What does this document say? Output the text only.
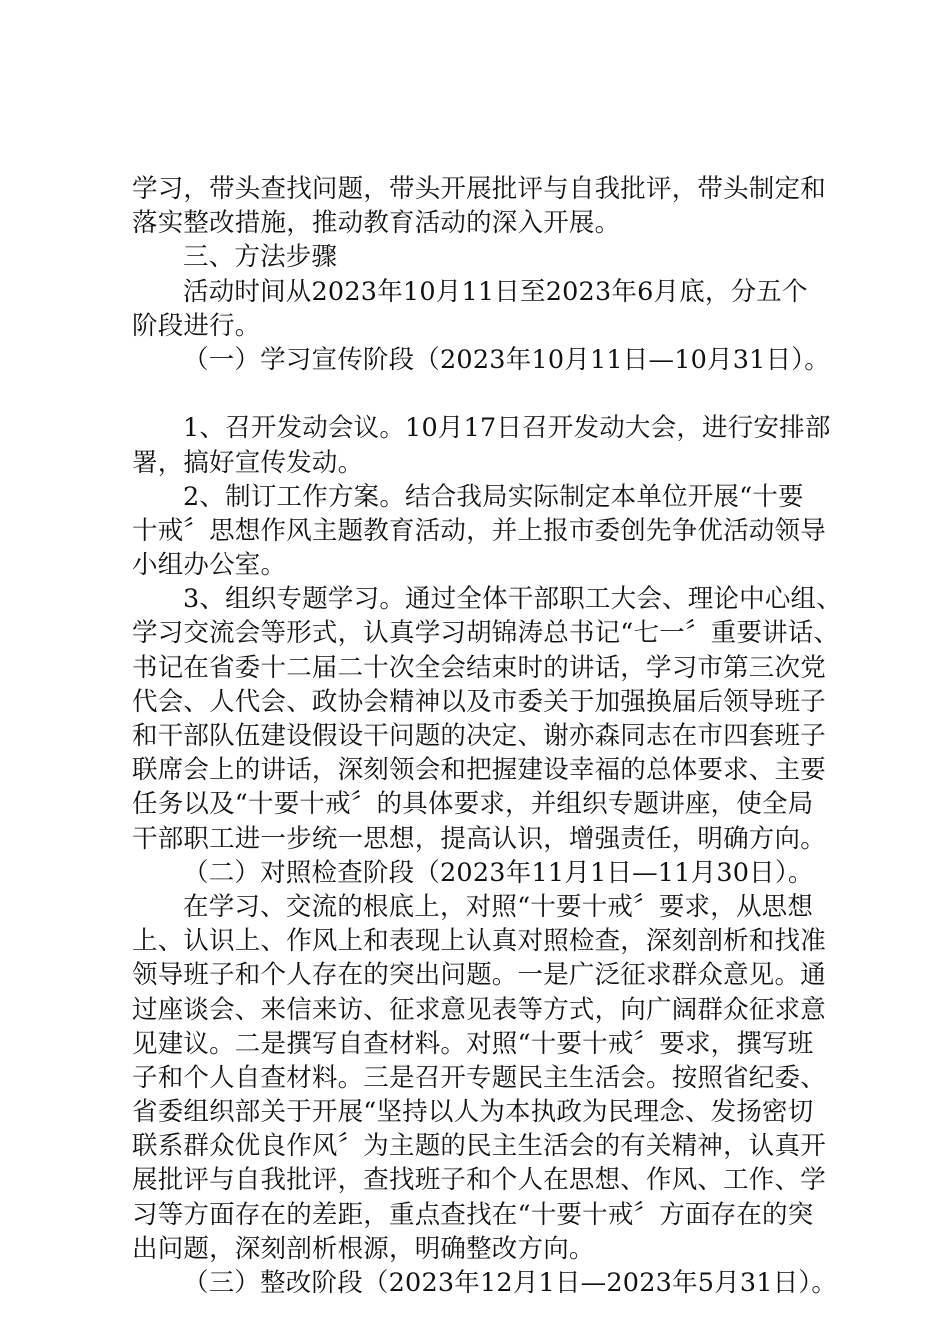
学习，带头查找问题，带头开展批评与自我批评，带头制定和
落实整改措施，推动教育活动的深入开展。
三、方法步骤
活动时间从2023年10月11日至2023年6月底，分五个
阶段进行。
（一）学习宣传阶段（2023年10月11日—10月31日）。
1、召开发动会议。10月17日召开发动大会，进行安排部
署，搞好宣传发动。
2、制订工作方案。结合我局实际制定本单位开展“十要
十戒〞思想作风主题教育活动，并上报市委创先争优活动领导
小组办公室。
3、组织专题学习。通过全体干部职工大会、理论中心组、
学习交流会等形式，认真学习胡锦涛总书记“七一〞重要讲话、
书记在省委十二届二十次全会结束时的讲话，学习市第三次党
代会、人代会、政协会精神以及市委关于加强换届后领导班子
和干部队伍建设假设干问题的决定、谢亦森同志在市四套班子
联席会上的讲话，深刻领会和把握建设幸福的总体要求、主要
任务以及“十要十戒〞的具体要求，并组织专题讲座，使全局
干部职工进一步统一思想，提高认识，增强责任，明确方向。
（二）对照检查阶段（2023年11月1日—11月30日）。
在学习、交流的根底上，对照“十要十戒〞要求，从思想
上、认识上、作风上和表现上认真对照检查，深刻剖析和找准
领导班子和个人存在的突出问题。一是广泛征求群众意见。通
过座谈会、来信来访、征求意见表等方式，向广阔群众征求意
见建议。二是撰写自查材料。对照“十要十戒〞要求，撰写班
子和个人自查材料。三是召开专题民主生活会。按照省纪委、
省委组织部关于开展“坚持以人为本执政为民理念、发扬密切
联系群众优良作风〞为主题的民主生活会的有关精神，认真开
展批评与自我批评，查找班子和个人在思想、作风、工作、学
习等方面存在的差距，重点查找在“十要十戒〞方面存在的突
出问题，深刻剖析根源，明确整改方向。
（三）整改阶段（2023年12月1日—2023年5月31日）。
